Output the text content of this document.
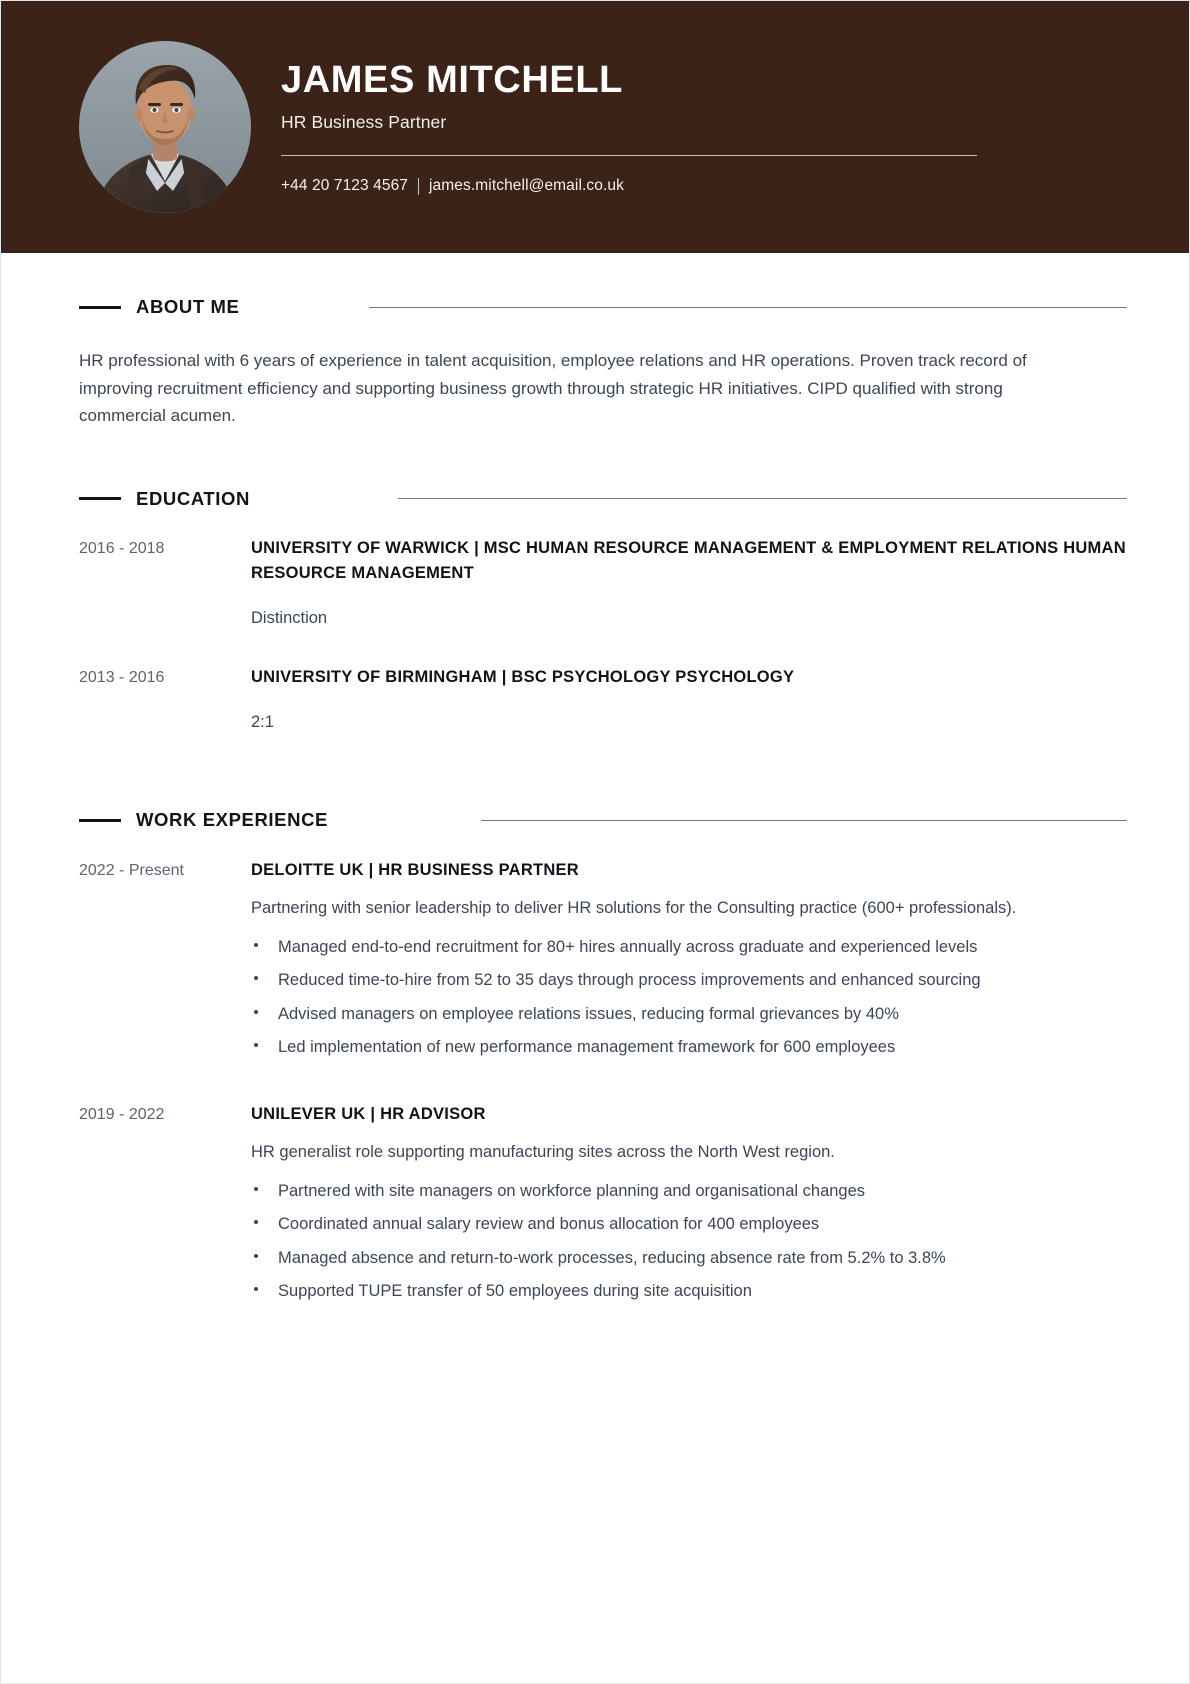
JAMES MITCHELL
HR Business Partner
+44 20 7123 4567 james.mitchell@email.co.uk
ABOUT ME

HR professional with 6 years of experience in talent acquisition, employee relations and HR operations. Proven track record of improving recruitment efficiency and supporting business growth through strategic HR initiatives. CIPD qualified with strong commercial acumen.

EDUCATION
2016 - 2018	UNIVERSITY OF WARWICK | MSC HUMAN RESOURCE MANAGEMENT & EMPLOYMENT RELATIONS HUMAN RESOURCE MANAGEMENT
Distinction
2013 - 2016	UNIVERSITY OF BIRMINGHAM | BSC PSYCHOLOGY PSYCHOLOGY
2:1
WORK EXPERIENCE
2022 - Present	DELOITTE UK | HR BUSINESS PARTNER
Partnering with senior leadership to deliver HR solutions for the Consulting practice (600+ professionals).
Managed end-to-end recruitment for 80+ hires annually across graduate and experienced levels
Reduced time-to-hire from 52 to 35 days through process improvements and enhanced sourcing
Advised managers on employee relations issues, reducing formal grievances by 40%
Led implementation of new performance management framework for 600 employees
2019 - 2022	UNILEVER UK | HR ADVISOR
HR generalist role supporting manufacturing sites across the North West region.
Partnered with site managers on workforce planning and organisational changes
Coordinated annual salary review and bonus allocation for 400 employees
Managed absence and return-to-work processes, reducing absence rate from 5.2% to 3.8%
Supported TUPE transfer of 50 employees during site acquisition
